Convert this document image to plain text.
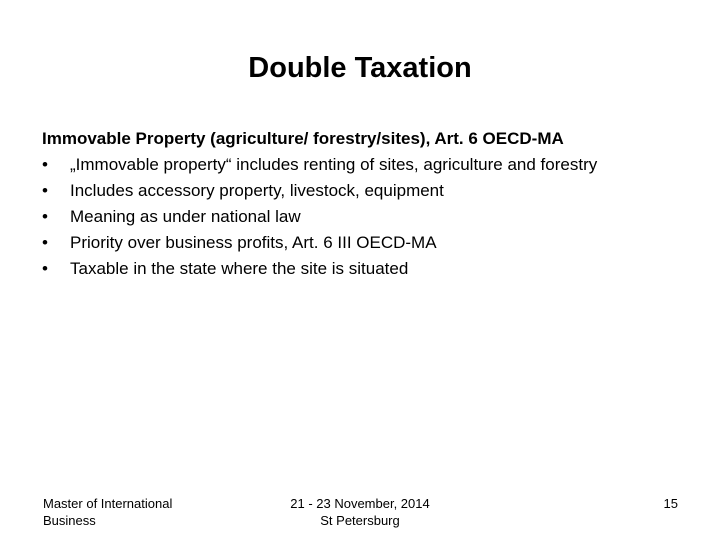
Double Taxation

Immovable Property (agriculture/ forestry/sites), Art. 6 OECD-MA

•	„Immovable property“ includes renting of sites, agriculture and forestry
•	Includes accessory property, livestock, equipment
•	Meaning as under national law
•	Priority over business profits, Art. 6 III OECD-MA
•	Taxable in the state where the site is situated
Master of International
Business
21 - 23 November, 2014
St Petersburg
15
